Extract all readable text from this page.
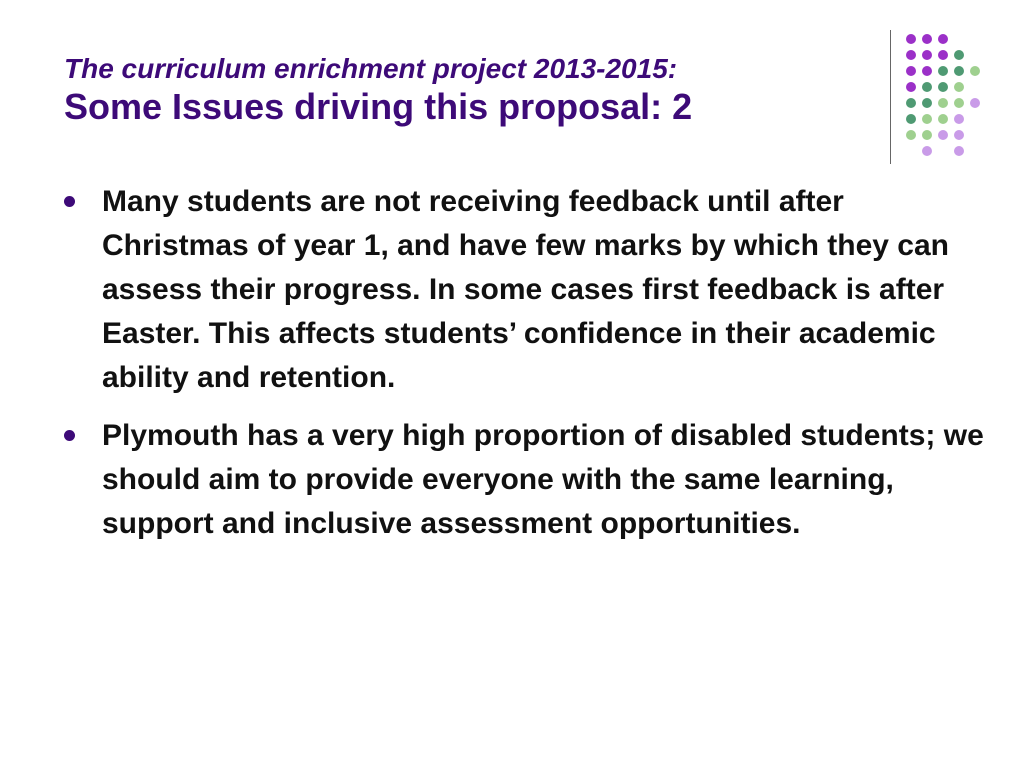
The curriculum enrichment project 2013-2015:
Some Issues driving this proposal: 2
Many students are not receiving feedback until after Christmas of year 1, and have few marks by which they can assess their progress. In some cases first feedback is after Easter. This affects students’ confidence in their academic ability and retention.
Plymouth has a very high proportion of disabled students; we should aim to provide everyone with the same learning, support and inclusive assessment opportunities.
